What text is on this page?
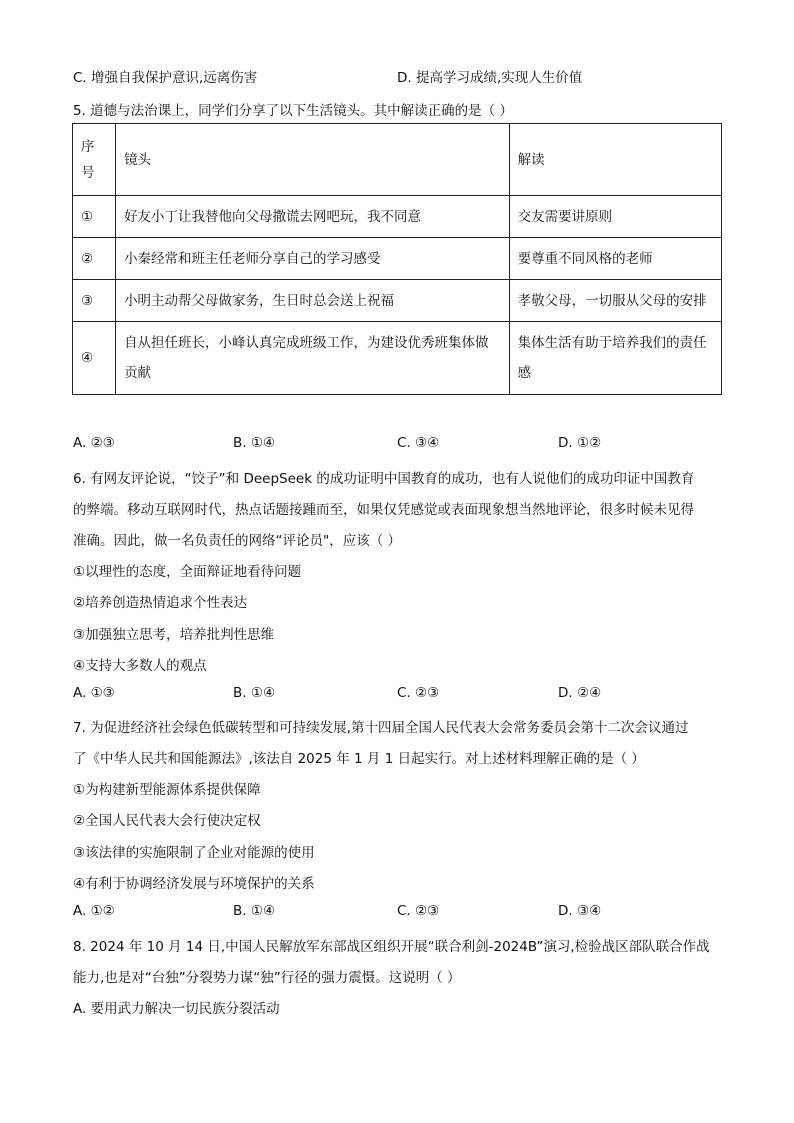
C. 增强自我保护意识,远离伤害	D. 提高学习成绩,实现人生价值
5. 道德与法治课上，同学们分享了以下生活镜头。其中解读正确的是（ ）
序号	镜头	解读
①	好友小丁让我替他向父母撒谎去网吧玩，我不同意	交友需要讲原则
②	小秦经常和班主任老师分享自己的学习感受	要尊重不同风格的老师
③	小明主动帮父母做家务，生日时总会送上祝福	孝敬父母，一切服从父母的安排
④	自从担任班长，小峰认真完成班级工作，为建设优秀班集体做贡献	集体生活有助于培养我们的责任感
A. ②③	B. ①④	C. ③④	D. ①②
6. 有网友评论说，“饺子”和 DeepSeek 的成功证明中国教育的成功，也有人说他们的成功印证中国教育
的弊端。移动互联网时代，热点话题接踵而至，如果仅凭感觉或表面现象想当然地评论，很多时候未见得
准确。因此，做一名负责任的网络“评论员"，应该（ ）
①以理性的态度，全面辩证地看待问题
②培养创造热情追求个性表达
③加强独立思考，培养批判性思维
④支持大多数人的观点
A. ①③	B. ①④	C. ②③	D. ②④
7. 为促进经济社会绿色低碳转型和可持续发展,第十四届全国人民代表大会常务委员会第十二次会议通过
了《中华人民共和国能源法》,该法自 2025 年 1 月 1 日起实行。对上述材料理解正确的是（ ）
①为构建新型能源体系提供保障
②全国人民代表大会行使决定权
③该法律的实施限制了企业对能源的使用
④有利于协调经济发展与环境保护的关系
A. ①②	B. ①④	C. ②③	D. ③④
8. 2024 年 10 月 14 日,中国人民解放军东部战区组织开展“联合利剑-2024B”演习,检验战区部队联合作战
能力,也是对“台独”分裂势力谋“独”行径的强力震慑。这说明（ ）
A. 要用武力解决一切民族分裂活动
